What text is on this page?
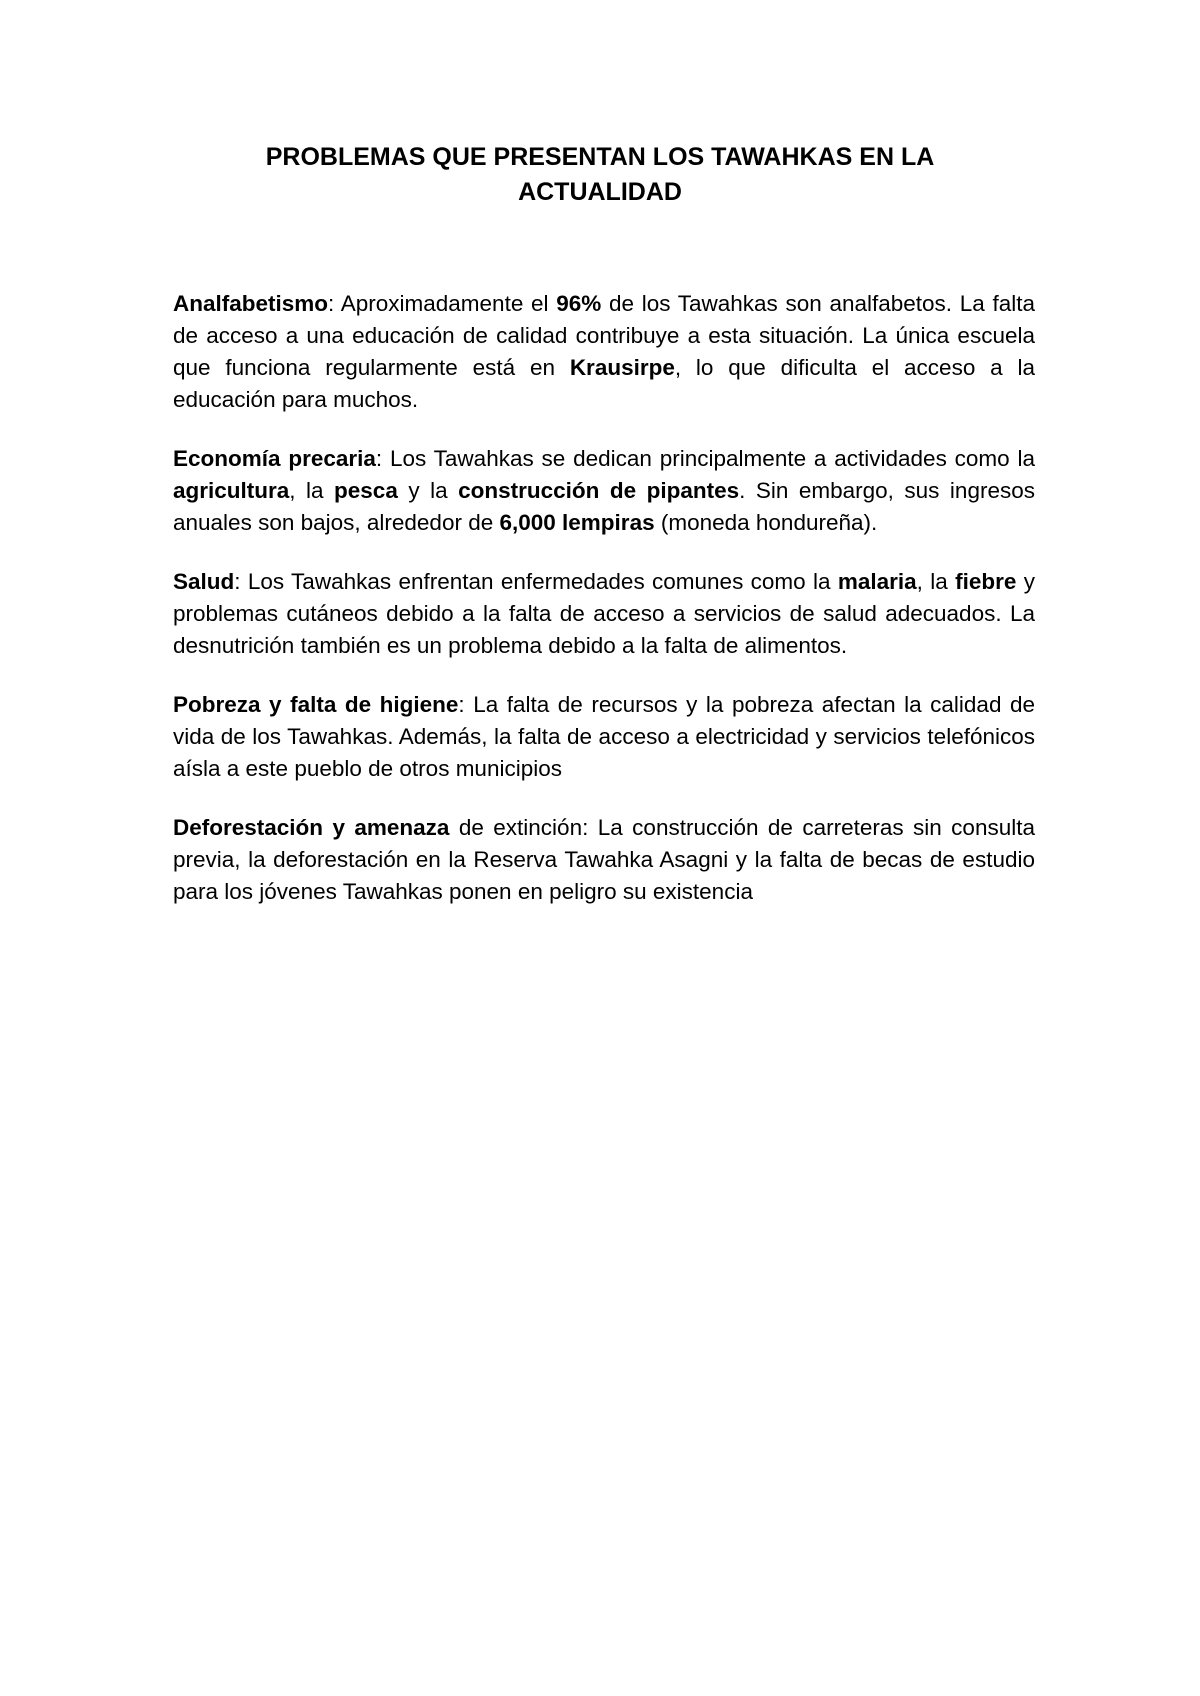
PROBLEMAS QUE PRESENTAN LOS TAWAHKAS EN LA ACTUALIDAD

Analfabetismo: Aproximadamente el 96% de los Tawahkas son analfabetos. La falta de acceso a una educación de calidad contribuye a esta situación. La única escuela que funciona regularmente está en Krausirpe, lo que dificulta el acceso a la educación para muchos.

Economía precaria: Los Tawahkas se dedican principalmente a actividades como la agricultura, la pesca y la construcción de pipantes. Sin embargo, sus ingresos anuales son bajos, alrededor de 6,000 lempiras (moneda hondureña).

Salud: Los Tawahkas enfrentan enfermedades comunes como la malaria, la fiebre y problemas cutáneos debido a la falta de acceso a servicios de salud adecuados. La desnutrición también es un problema debido a la falta de alimentos.

Pobreza y falta de higiene: La falta de recursos y la pobreza afectan la calidad de vida de los Tawahkas. Además, la falta de acceso a electricidad y servicios telefónicos aísla a este pueblo de otros municipios

Deforestación y amenaza de extinción: La construcción de carreteras sin consulta previa, la deforestación en la Reserva Tawahka Asagni y la falta de becas de estudio para los jóvenes Tawahkas ponen en peligro su existencia
